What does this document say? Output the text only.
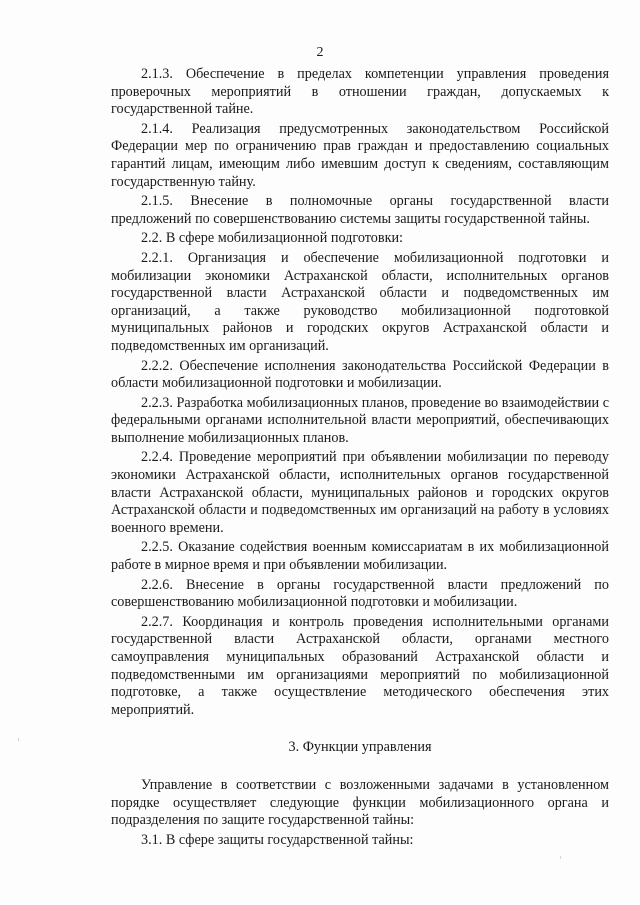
2

2.1.3. Обеспечение в пределах компетенции управления проведения проверочных мероприятий в отношении граждан, допускаемых к государственной тайне.

2.1.4. Реализация предусмотренных законодательством Российской Федерации мер по ограничению прав граждан и предоставлению социальных гарантий лицам, имеющим либо имевшим доступ к сведениям, составляющим государственную тайну.

2.1.5. Внесение в полномочные органы государственной власти предложений по совершенствованию системы защиты государственной тайны.

2.2. В сфере мобилизационной подготовки:

2.2.1. Организация и обеспечение мобилизационной подготовки и мобилизации экономики Астраханской области, исполнительных органов государственной власти Астраханской области и подведомственных им организаций, а также руководство мобилизационной подготовкой муниципальных районов и городских округов Астраханской области и подведомственных им организаций.

2.2.2. Обеспечение исполнения законодательства Российской Федерации в области мобилизационной подготовки и мобилизации.

2.2.3. Разработка мобилизационных планов, проведение во взаимодействии с федеральными органами исполнительной власти мероприятий, обеспечивающих выполнение мобилизационных планов.

2.2.4. Проведение мероприятий при объявлении мобилизации по переводу экономики Астраханской области, исполнительных органов государственной власти Астраханской области, муниципальных районов и городских округов Астраханской области и подведомственных им организаций на работу в условиях военного времени.

2.2.5. Оказание содействия военным комиссариатам в их мобилизационной работе в мирное время и при объявлении мобилизации.

2.2.6. Внесение в органы государственной власти предложений по совершенствованию мобилизационной подготовки и мобилизации.

2.2.7. Координация и контроль проведения исполнительными органами государственной власти Астраханской области, органами местного самоуправления муниципальных образований Астраханской области и подведомственными им организациями мероприятий по мобилизационной подготовке, а также осуществление методического обеспечения этих мероприятий.

3. Функции управления

Управление в соответствии с возложенными задачами в установленном порядке осуществляет следующие функции мобилизационного органа и подразделения по защите государственной тайны:

3.1. В сфере защиты государственной тайны:
